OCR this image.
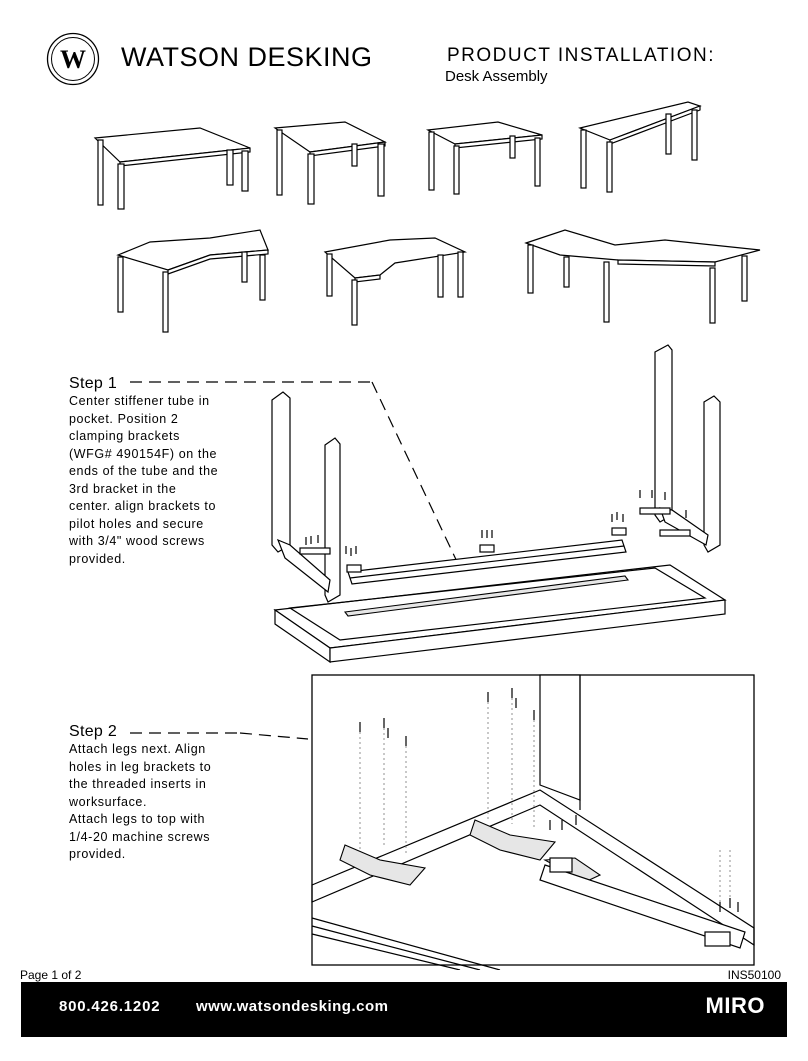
W WATSON DESKING	PRODUCT INSTALLATION:
Desk Assembly
Step 1
Center stiffener tube in
pocket. Position 2
clamping brackets
(WFG# 490154F) on the
ends of the tube and the
3rd bracket in the
center. align brackets to
pilot holes and secure
with 3/4" wood screws
provided.
Step 2
Attach legs next. Align
holes in leg brackets to
the threaded inserts in
worksurface.
Attach legs to top with
1/4-20 machine screws
provided.
Page 1 of 2	INS50100
800.426.1202 www.watsondesking.com	MIRO
